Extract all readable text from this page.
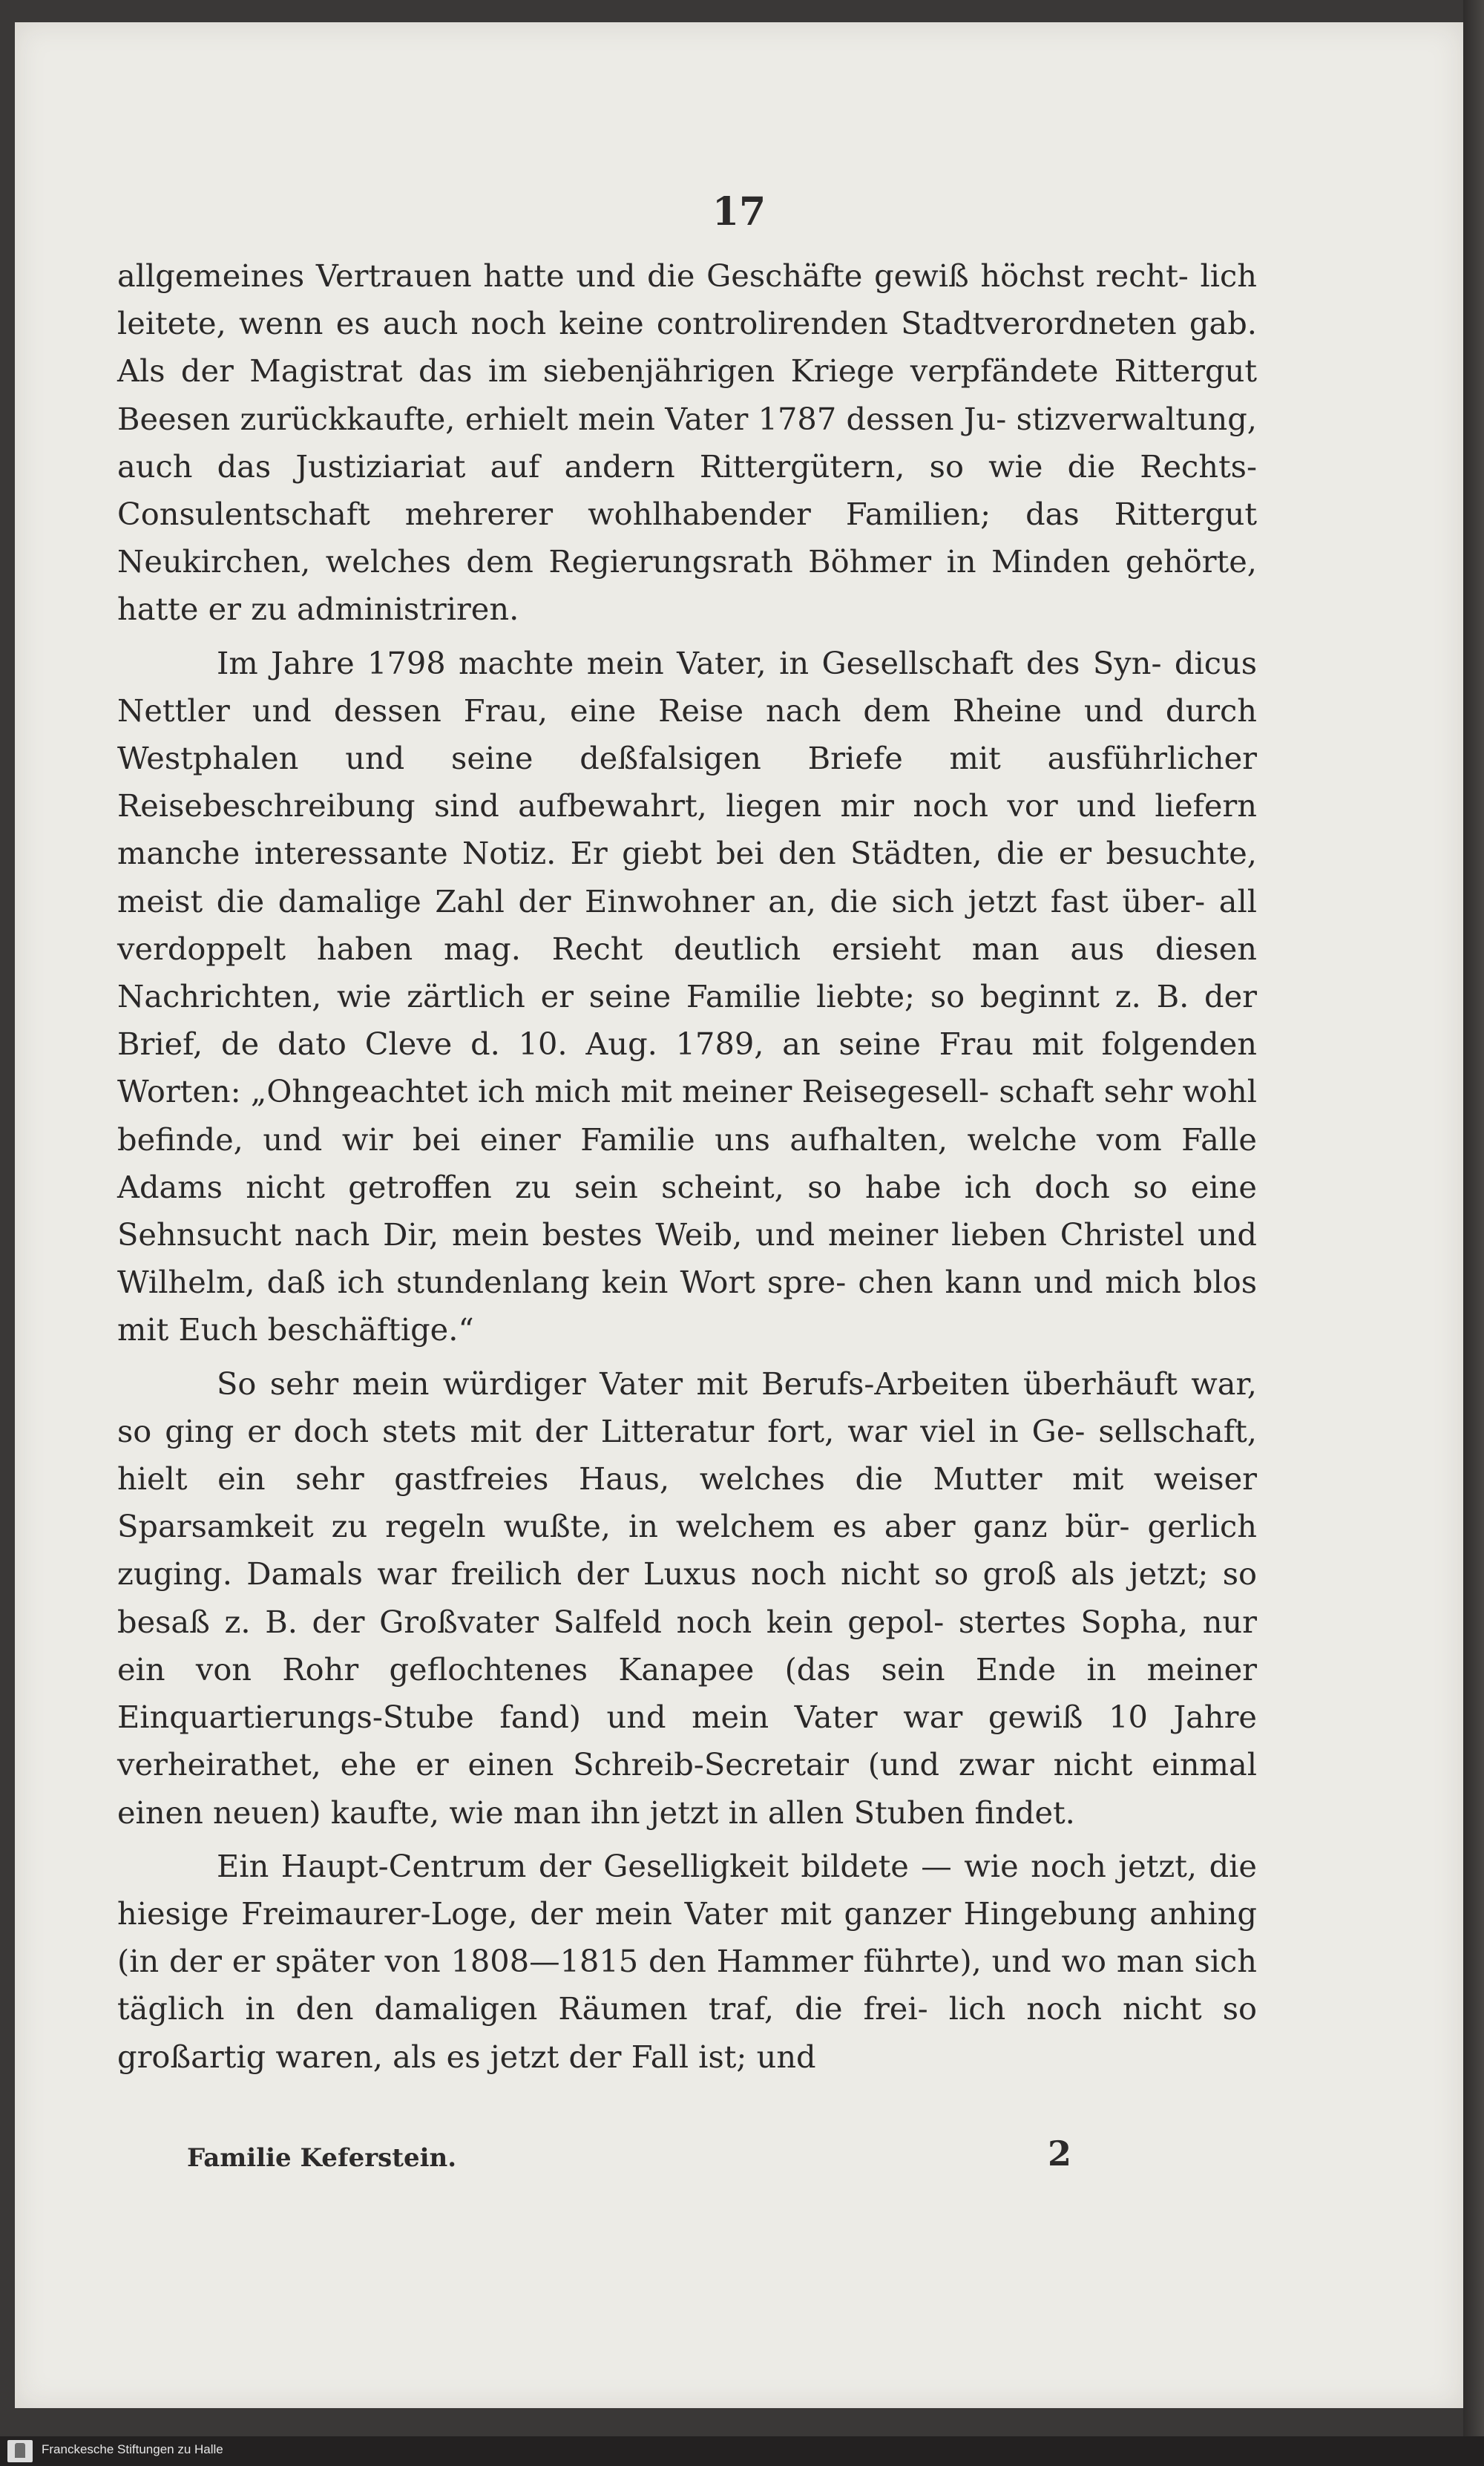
17

allgemeines Vertrauen hatte und die Geschäfte gewiß höchst recht- lich leitete, wenn es auch noch keine controlirenden Stadtverordneten gab. Als der Magistrat das im siebenjährigen Kriege verpfändete Rittergut Beesen zurückkaufte, erhielt mein Vater 1787 dessen Ju- stizverwaltung, auch das Justiziariat auf andern Rittergütern, so wie die Rechts-Consulentschaft mehrerer wohlhabender Familien; das Rittergut Neukirchen, welches dem Regierungsrath Böhmer in Minden gehörte, hatte er zu administriren.

Im Jahre 1798 machte mein Vater, in Gesellschaft des Syn- dicus Nettler und dessen Frau, eine Reise nach dem Rheine und durch Westphalen und seine deßfalsigen Briefe mit ausführlicher Reisebeschreibung sind aufbewahrt, liegen mir noch vor und liefern manche interessante Notiz. Er giebt bei den Städten, die er besuchte, meist die damalige Zahl der Einwohner an, die sich jetzt fast über- all verdoppelt haben mag. Recht deutlich ersieht man aus diesen Nachrichten, wie zärtlich er seine Familie liebte; so beginnt z. B. der Brief, de dato Cleve d. 10. Aug. 1789, an seine Frau mit folgenden Worten: „Ohngeachtet ich mich mit meiner Reisegesell- schaft sehr wohl befinde, und wir bei einer Familie uns aufhalten, welche vom Falle Adams nicht getroffen zu sein scheint, so habe ich doch so eine Sehnsucht nach Dir, mein bestes Weib, und meiner lieben Christel und Wilhelm, daß ich stundenlang kein Wort spre- chen kann und mich blos mit Euch beschäftige.“

So sehr mein würdiger Vater mit Berufs-Arbeiten überhäuft war, so ging er doch stets mit der Litteratur fort, war viel in Ge- sellschaft, hielt ein sehr gastfreies Haus, welches die Mutter mit weiser Sparsamkeit zu regeln wußte, in welchem es aber ganz bür- gerlich zuging. Damals war freilich der Luxus noch nicht so groß als jetzt; so besaß z. B. der Großvater Salfeld noch kein gepol- stertes Sopha, nur ein von Rohr geflochtenes Kanapee (das sein Ende in meiner Einquartierungs-Stube fand) und mein Vater war gewiß 10 Jahre verheirathet, ehe er einen Schreib-Secretair (und zwar nicht einmal einen neuen) kaufte, wie man ihn jetzt in allen Stuben findet.

Ein Haupt-Centrum der Geselligkeit bildete — wie noch jetzt, die hiesige Freimaurer-Loge, der mein Vater mit ganzer Hingebung anhing (in der er später von 1808—1815 den Hammer führte), und wo man sich täglich in den damaligen Räumen traf, die frei- lich noch nicht so großartig waren, als es jetzt der Fall ist; und

Familie Keferstein.	2
Franckesche Stiftungen zu Halle
